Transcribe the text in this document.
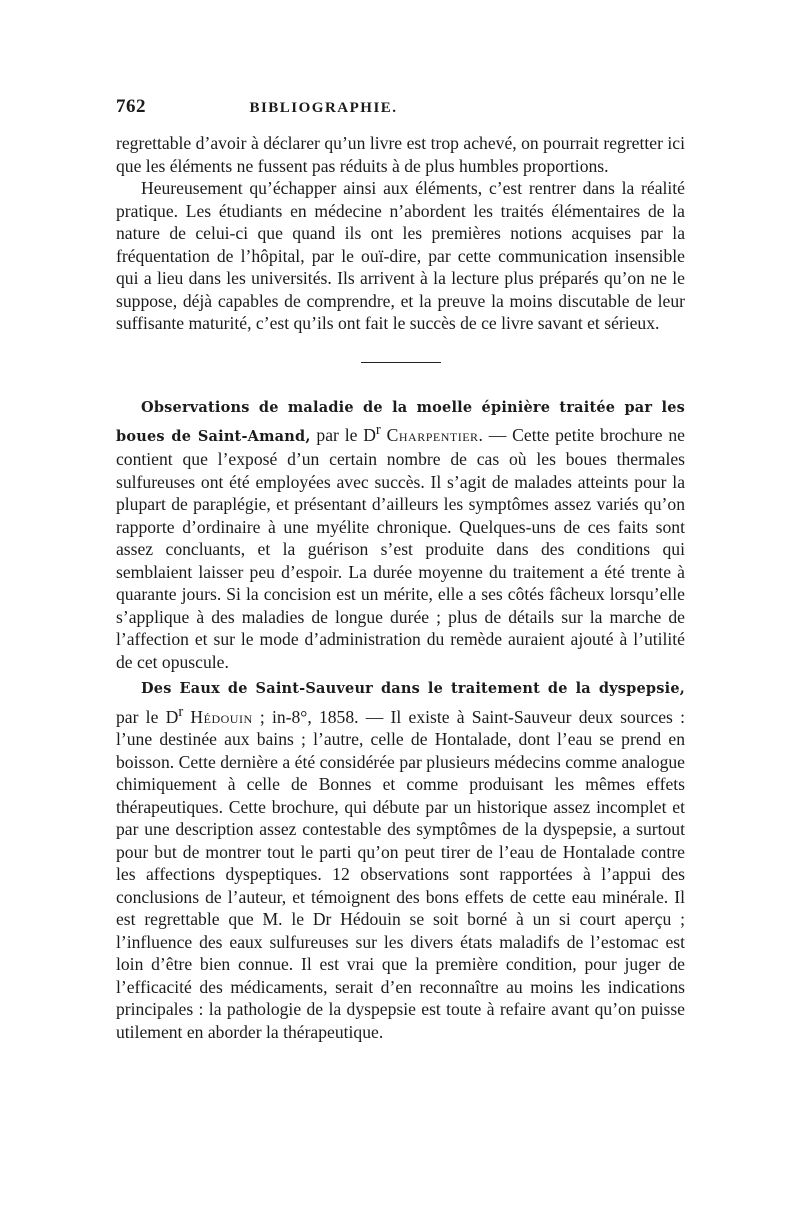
762	BIBLIOGRAPHIE.

regrettable d’avoir à déclarer qu’un livre est trop achevé, on pourrait regretter ici que les éléments ne fussent pas réduits à de plus humbles proportions.

Heureusement qu’échapper ainsi aux éléments, c’est rentrer dans la réalité pratique. Les étudiants en médecine n’abordent les traités élémentaires de la nature de celui-ci que quand ils ont les premières notions acquises par la fréquentation de l’hôpital, par le ouï-dire, par cette communication insensible qui a lieu dans les universités. Ils arrivent à la lecture plus préparés qu’on ne le suppose, déjà capables de comprendre, et la preuve la moins discutable de leur suffisante maturité, c’est qu’ils ont fait le succès de ce livre savant et sérieux.

Observations de maladie de la moelle épinière traitée par les boues de Saint-Amand, par le $D^r$ Charpentier. — Cette petite brochure ne contient que l’exposé d’un certain nombre de cas où les boues thermales sulfureuses ont été employées avec succès. Il s’agit de malades atteints pour la plupart de paraplégie, et présentant d’ailleurs les symptômes assez variés qu’on rapporte d’ordinaire à une myélite chronique. Quelques-uns de ces faits sont assez concluants, et la guérison s’est produite dans des conditions qui semblaient laisser peu d’espoir. La durée moyenne du traitement a été trente à quarante jours. Si la concision est un mérite, elle a ses côtés fâcheux lorsqu’elle s’applique à des maladies de longue durée ; plus de détails sur la marche de l’affection et sur le mode d’administration du remède auraient ajouté à l’utilité de cet opuscule.

Des Eaux de Saint-Sauveur dans le traitement de la dyspepsie, par le $D^r$ Hédouin ; in-8°, 1858. — Il existe à Saint-Sauveur deux sources : l’une destinée aux bains ; l’autre, celle de Hontalade, dont l’eau se prend en boisson. Cette dernière a été considérée par plusieurs médecins comme analogue chimiquement à celle de Bonnes et comme produisant les mêmes effets thérapeutiques. Cette brochure, qui débute par un historique assez incomplet et par une description assez contestable des symptômes de la dyspepsie, a surtout pour but de montrer tout le parti qu’on peut tirer de l’eau de Hontalade contre les affections dyspeptiques. 12 observations sont rapportées à l’appui des conclusions de l’auteur, et témoignent des bons effets de cette eau minérale. Il est regrettable que M. le Dr Hédouin se soit borné à un si court aperçu ; l’influence des eaux sulfureuses sur les divers états maladifs de l’estomac est loin d’être bien connue. Il est vrai que la première condition, pour juger de l’efficacité des médicaments, serait d’en reconnaître au moins les indications principales : la pathologie de la dyspepsie est toute à refaire avant qu’on puisse utilement en aborder la thérapeutique.
